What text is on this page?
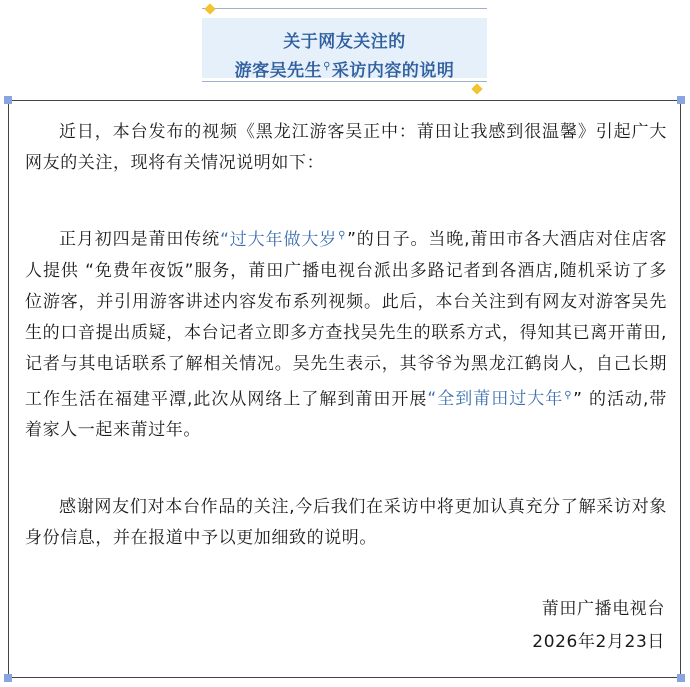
关于网友关注的
游客吴先生⚲采访内容的说明

近日，本台发布的视频《黑龙江游客吴正中：莆田让我感到很温馨》引起广大网友的关注，现将有关情况说明如下：

正月初四是莆田传统“过大年做大岁⚲”的日子。当晚,莆田市各大酒店对住店客人提供 “免费年夜饭”服务，莆田广播电视台派出多路记者到各酒店,随机采访了多位游客，并引用游客讲述内容发布系列视频。此后，本台关注到有网友对游客吴先生的口音提出质疑，本台记者立即多方查找吴先生的联系方式，得知其已离开莆田,记者与其电话联系了解相关情况。吴先生表示，其爷爷为黑龙江鹤岗人，自己长期工作生活在福建平潭,此次从网络上了解到莆田开展“全到莆田过大年⚲” 的活动,带着家人一起来莆过年。

感谢网友们对本台作品的关注,今后我们在采访中将更加认真充分了解采访对象身份信息，并在报道中予以更加细致的说明。

莆田广播电视台
2026年2月23日
